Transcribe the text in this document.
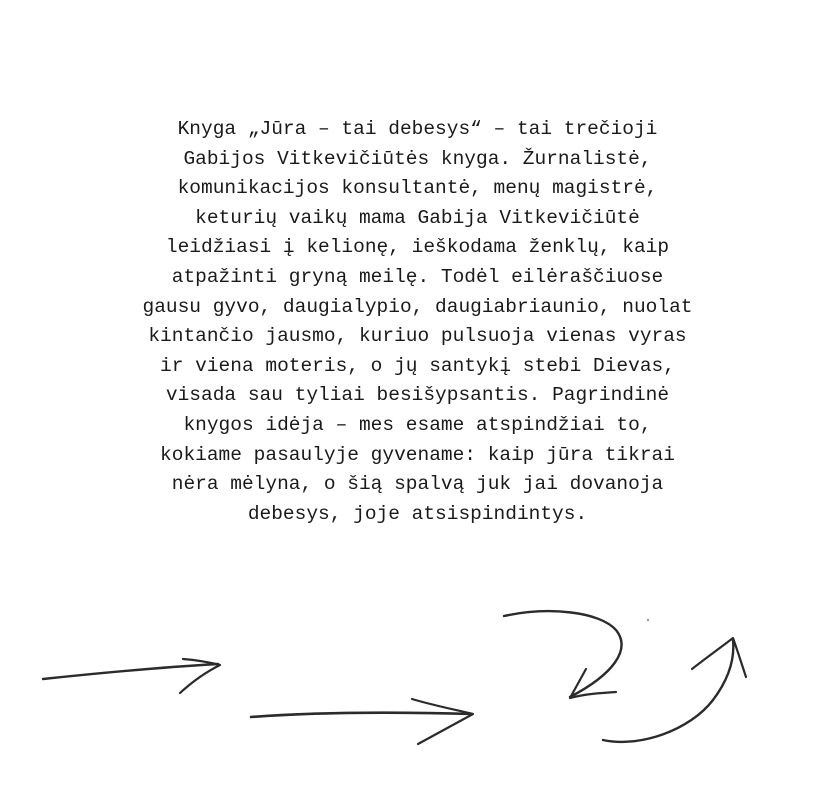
Knyga „Jūra – tai debesys“ – tai trečioji
Gabijos Vitkevičiūtės knyga. Žurnalistė,
komunikacijos konsultantė, menų magistrė,
keturių vaikų mama Gabija Vitkevičiūtė
leidžiasi į kelionę, ieškodama ženklų, kaip
atpažinti gryną meilę. Todėl eilėraščiuose
gausu gyvo, daugialypio, daugiabriaunio, nuolat
kintančio jausmo, kuriuo pulsuoja vienas vyras
ir viena moteris, o jų santykį stebi Dievas,
visada sau tyliai besišypsantis. Pagrindinė
knygos idėja – mes esame atspindžiai to,
kokiame pasaulyje gyvename: kaip jūra tikrai
nėra mėlyna, o šią spalvą juk jai dovanoja
debesys, joje atsispindintys.
